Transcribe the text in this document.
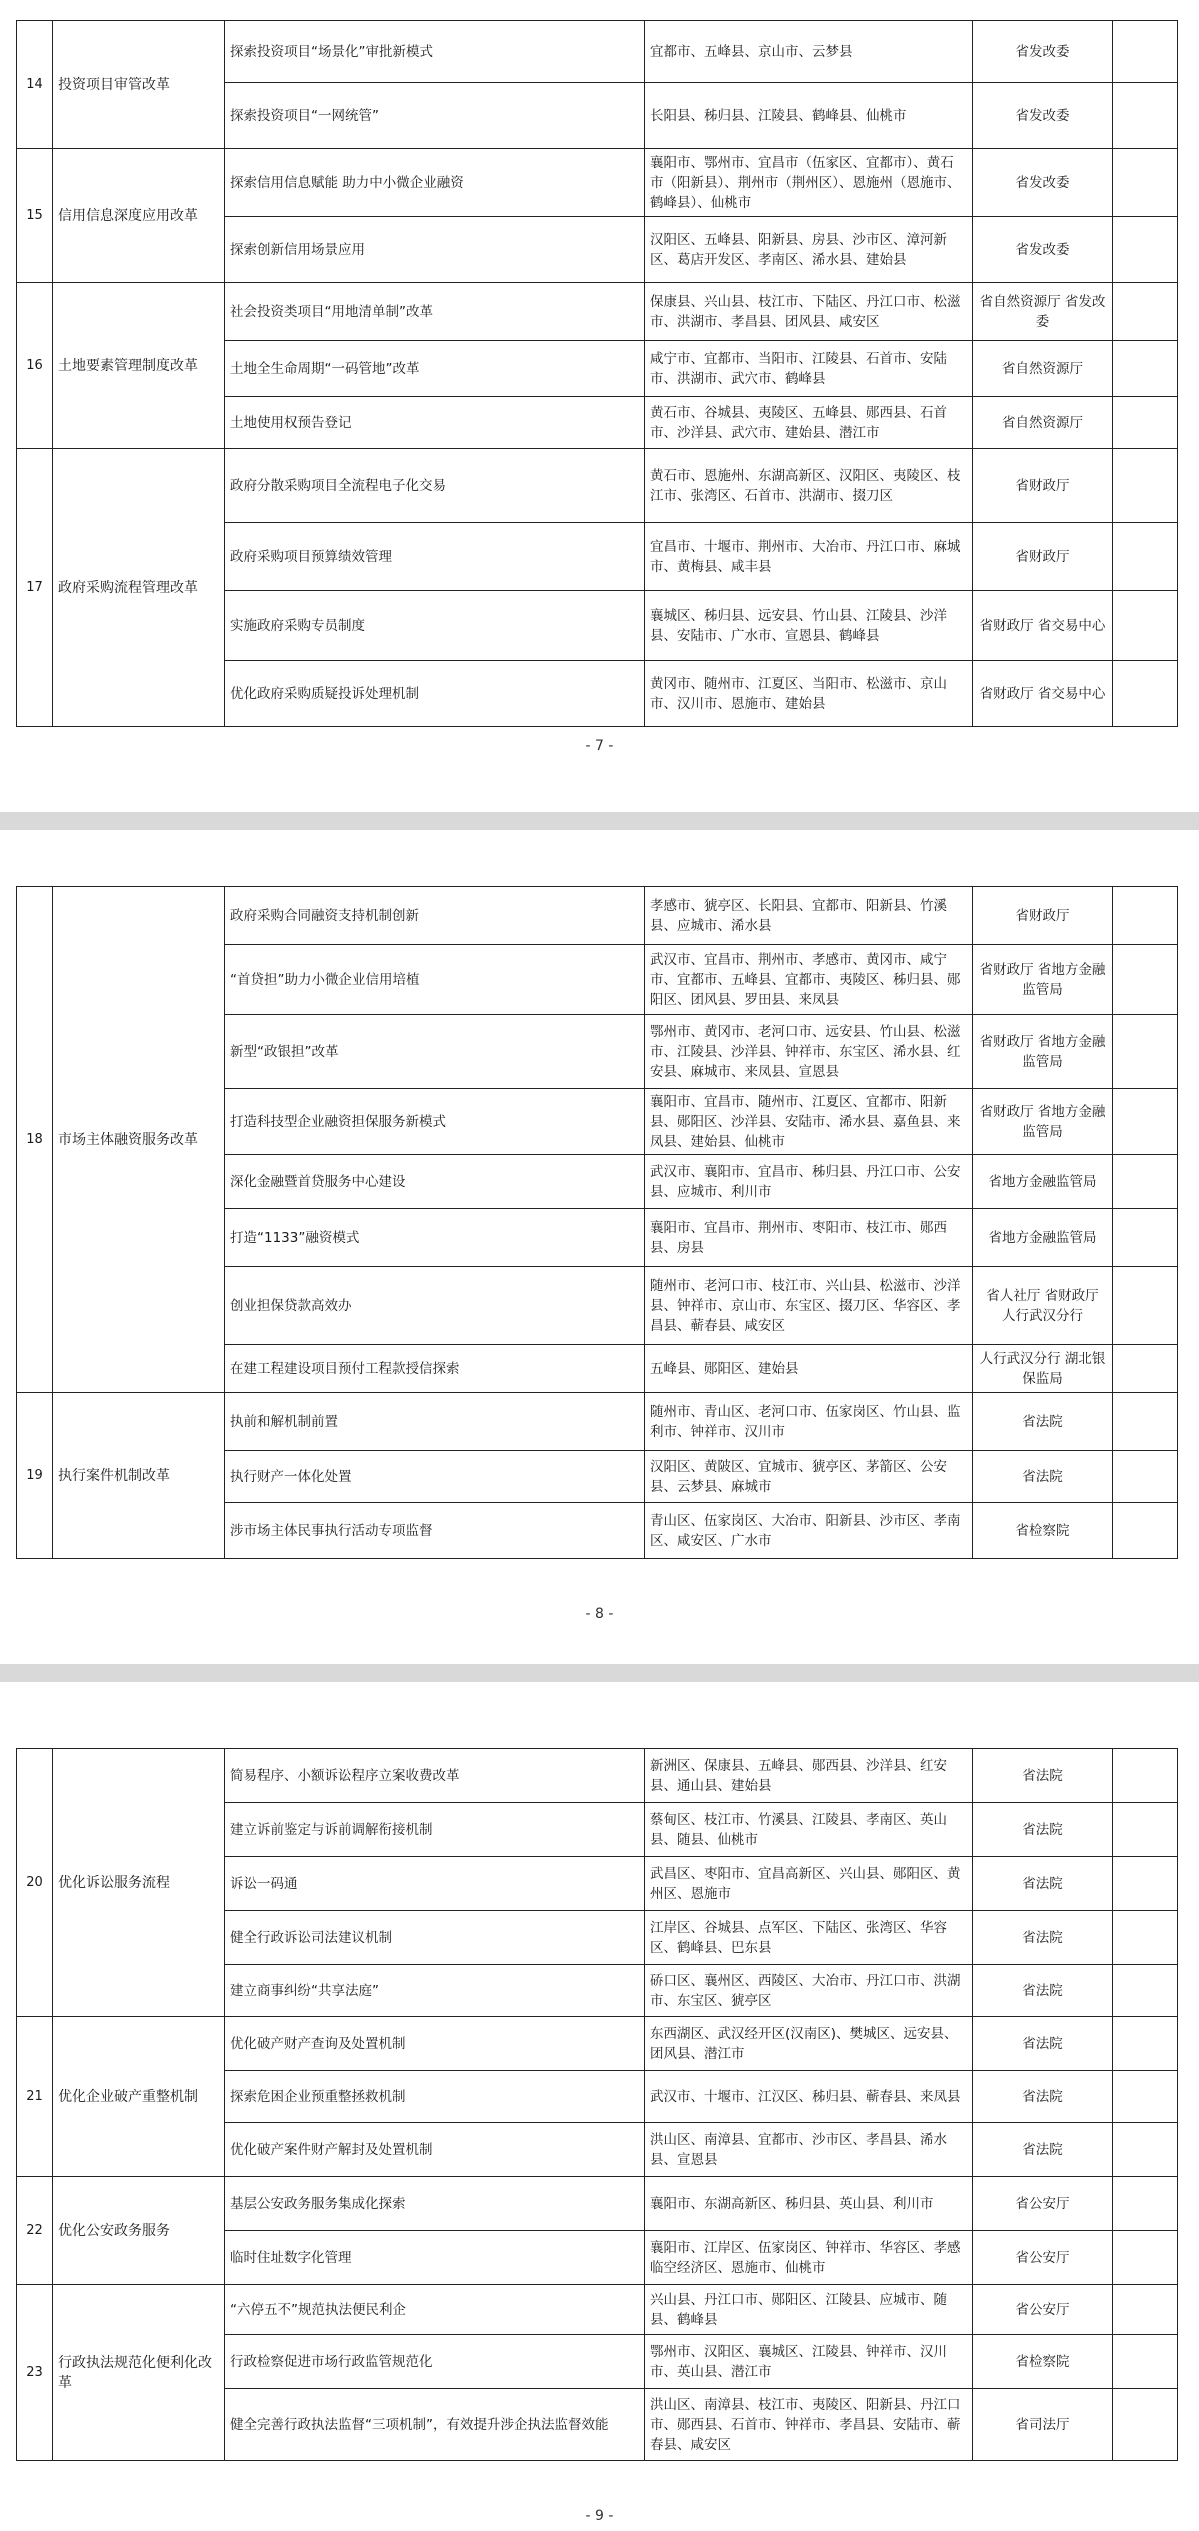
14	投资项目审管改革	探索投资项目“场景化”审批新模式	宜都市、五峰县、京山市、云梦县	省发改委	
		探索投资项目“一网统管”	长阳县、秭归县、江陵县、鹤峰县、仙桃市	省发改委	
15	信用信息深度应用改革	探索信用信息赋能 助力中小微企业融资	襄阳市、鄂州市、宜昌市（伍家区、宜都市）、黄石市（阳新县）、荆州市（荆州区）、恩施州（恩施市、鹤峰县）、仙桃市	省发改委	
		探索创新信用场景应用	汉阳区、五峰县、阳新县、房县、沙市区、漳河新区、葛店开发区、孝南区、浠水县、建始县	省发改委	
16	土地要素管理制度改革	社会投资类项目“用地清单制”改革	保康县、兴山县、枝江市、下陆区、丹江口市、松滋市、洪湖市、孝昌县、团风县、咸安区	省自然资源厅 省发改委	
		土地全生命周期“一码管地”改革	咸宁市、宜都市、当阳市、江陵县、石首市、安陆市、洪湖市、武穴市、鹤峰县	省自然资源厅	
		土地使用权预告登记	黄石市、谷城县、夷陵区、五峰县、郧西县、石首市、沙洋县、武穴市、建始县、潜江市	省自然资源厅	
17	政府采购流程管理改革	政府分散采购项目全流程电子化交易	黄石市、恩施州、东湖高新区、汉阳区、夷陵区、枝江市、张湾区、石首市、洪湖市、掇刀区	省财政厅	
		政府采购项目预算绩效管理	宜昌市、十堰市、荆州市、大冶市、丹江口市、麻城市、黄梅县、咸丰县	省财政厅	
		实施政府采购专员制度	襄城区、秭归县、远安县、竹山县、江陵县、沙洋县、安陆市、广水市、宣恩县、鹤峰县	省财政厅 省交易中心	
		优化政府采购质疑投诉处理机制	黄冈市、随州市、江夏区、当阳市、松滋市、京山市、汉川市、恩施市、建始县	省财政厅 省交易中心	
- 7 -
18	市场主体融资服务改革	政府采购合同融资支持机制创新	孝感市、猇亭区、长阳县、宜都市、阳新县、竹溪县、应城市、浠水县	省财政厅	
		“首贷担”助力小微企业信用培植	武汉市、宜昌市、荆州市、孝感市、黄冈市、咸宁市、宜都市、五峰县、宜都市、夷陵区、秭归县、郧阳区、团风县、罗田县、来凤县	省财政厅 省地方金融监管局	
		新型“政银担”改革	鄂州市、黄冈市、老河口市、远安县、竹山县、松滋市、江陵县、沙洋县、钟祥市、东宝区、浠水县、红安县、麻城市、来凤县、宣恩县	省财政厅 省地方金融监管局	
		打造科技型企业融资担保服务新模式	襄阳市、宜昌市、随州市、江夏区、宜都市、阳新县、郧阳区、沙洋县、安陆市、浠水县、嘉鱼县、来凤县、建始县、仙桃市	省财政厅 省地方金融监管局	
		深化金融暨首贷服务中心建设	武汉市、襄阳市、宜昌市、秭归县、丹江口市、公安县、应城市、利川市	省地方金融监管局	
		打造“1133”融资模式	襄阳市、宜昌市、荆州市、枣阳市、枝江市、郧西县、房县	省地方金融监管局	
		创业担保贷款高效办	随州市、老河口市、枝江市、兴山县、松滋市、沙洋县、钟祥市、京山市、东宝区、掇刀区、华容区、孝昌县、蕲春县、咸安区	省人社厅 省财政厅 人行武汉分行	
		在建工程建设项目预付工程款授信探索	五峰县、郧阳区、建始县	人行武汉分行 湖北银保监局	
19	执行案件机制改革	执前和解机制前置	随州市、青山区、老河口市、伍家岗区、竹山县、监利市、钟祥市、汉川市	省法院	
		执行财产一体化处置	汉阳区、黄陂区、宜城市、猇亭区、茅箭区、公安县、云梦县、麻城市	省法院	
		涉市场主体民事执行活动专项监督	青山区、伍家岗区、大冶市、阳新县、沙市区、孝南区、咸安区、广水市	省检察院	
- 8 -
20	优化诉讼服务流程	简易程序、小额诉讼程序立案收费改革	新洲区、保康县、五峰县、郧西县、沙洋县、红安县、通山县、建始县	省法院	
		建立诉前鉴定与诉前调解衔接机制	蔡甸区、枝江市、竹溪县、江陵县、孝南区、英山县、随县、仙桃市	省法院	
		诉讼一码通	武昌区、枣阳市、宜昌高新区、兴山县、郧阳区、黄州区、恩施市	省法院	
		健全行政诉讼司法建议机制	江岸区、谷城县、点军区、下陆区、张湾区、华容区、鹤峰县、巴东县	省法院	
		建立商事纠纷“共享法庭”	硚口区、襄州区、西陵区、大冶市、丹江口市、洪湖市、东宝区、猇亭区	省法院	
21	优化企业破产重整机制	优化破产财产查询及处置机制	东西湖区、武汉经开区(汉南区)、樊城区、远安县、团风县、潜江市	省法院	
		探索危困企业预重整拯救机制	武汉市、十堰市、江汉区、秭归县、蕲春县、来凤县	省法院	
		优化破产案件财产解封及处置机制	洪山区、南漳县、宜都市、沙市区、孝昌县、浠水县、宣恩县	省法院	
22	优化公安政务服务	基层公安政务服务集成化探索	襄阳市、东湖高新区、秭归县、英山县、利川市	省公安厅	
		临时住址数字化管理	襄阳市、江岸区、伍家岗区、钟祥市、华容区、孝感临空经济区、恩施市、仙桃市	省公安厅	
23	行政执法规范化便利化改革	“六停五不”规范执法便民利企	兴山县、丹江口市、郧阳区、江陵县、应城市、随县、鹤峰县	省公安厅	
		行政检察促进市场行政监管规范化	鄂州市、汉阳区、襄城区、江陵县、钟祥市、汉川市、英山县、潜江市	省检察院	
		健全完善行政执法监督“三项机制”，有效提升涉企执法监督效能	洪山区、南漳县、枝江市、夷陵区、阳新县、丹江口市、郧西县、石首市、钟祥市、孝昌县、安陆市、蕲春县、咸安区	省司法厅	
- 9 -
